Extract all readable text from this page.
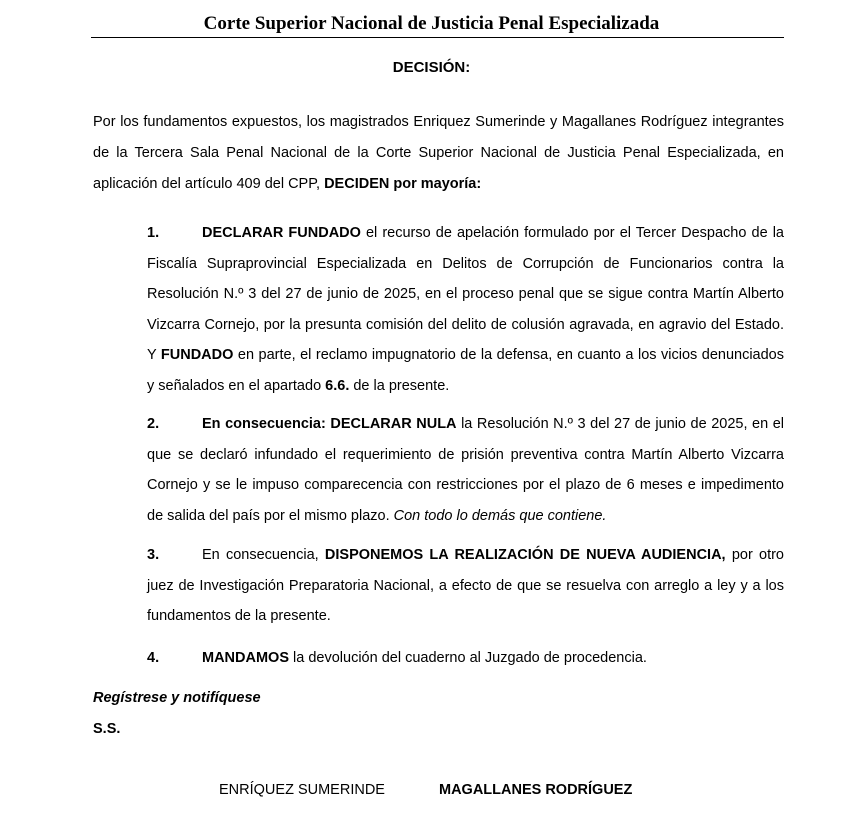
Corte Superior Nacional de Justicia Penal Especializada
DECISIÓN:
Por los fundamentos expuestos, los magistrados Enriquez Sumerinde y Magallanes Rodríguez integrantes de la Tercera Sala Penal Nacional de la Corte Superior Nacional de Justicia Penal Especializada, en aplicación del artículo 409 del CPP, DECIDEN por mayoría:
1.	DECLARAR FUNDADO el recurso de apelación formulado por el Tercer Despacho de la Fiscalía Supraprovincial Especializada en Delitos de Corrupción de Funcionarios contra la Resolución N.º 3 del 27 de junio de 2025, en el proceso penal que se sigue contra Martín Alberto Vizcarra Cornejo, por la presunta comisión del delito de colusión agravada, en agravio del Estado. Y FUNDADO en parte, el reclamo impugnatorio de la defensa, en cuanto a los vicios denunciados y señalados en el apartado 6.6. de la presente.
2.	En consecuencia: DECLARAR NULA la Resolución N.º 3 del 27 de junio de 2025, en el que se declaró infundado el requerimiento de prisión preventiva contra Martín Alberto Vizcarra Cornejo y se le impuso comparecencia con restricciones por el plazo de 6 meses e impedimento de salida del país por el mismo plazo. Con todo lo demás que contiene.
3.	En consecuencia, DISPONEMOS LA REALIZACIÓN DE NUEVA AUDIENCIA, por otro juez de Investigación Preparatoria Nacional, a efecto de que se resuelva con arreglo a ley y a los fundamentos de la presente.
4.	MANDAMOS la devolución del cuaderno al Juzgado de procedencia.
Regístrese y notifíquese
S.S.
ENRÍQUEZ SUMERINDE	MAGALLANES RODRÍGUEZ
